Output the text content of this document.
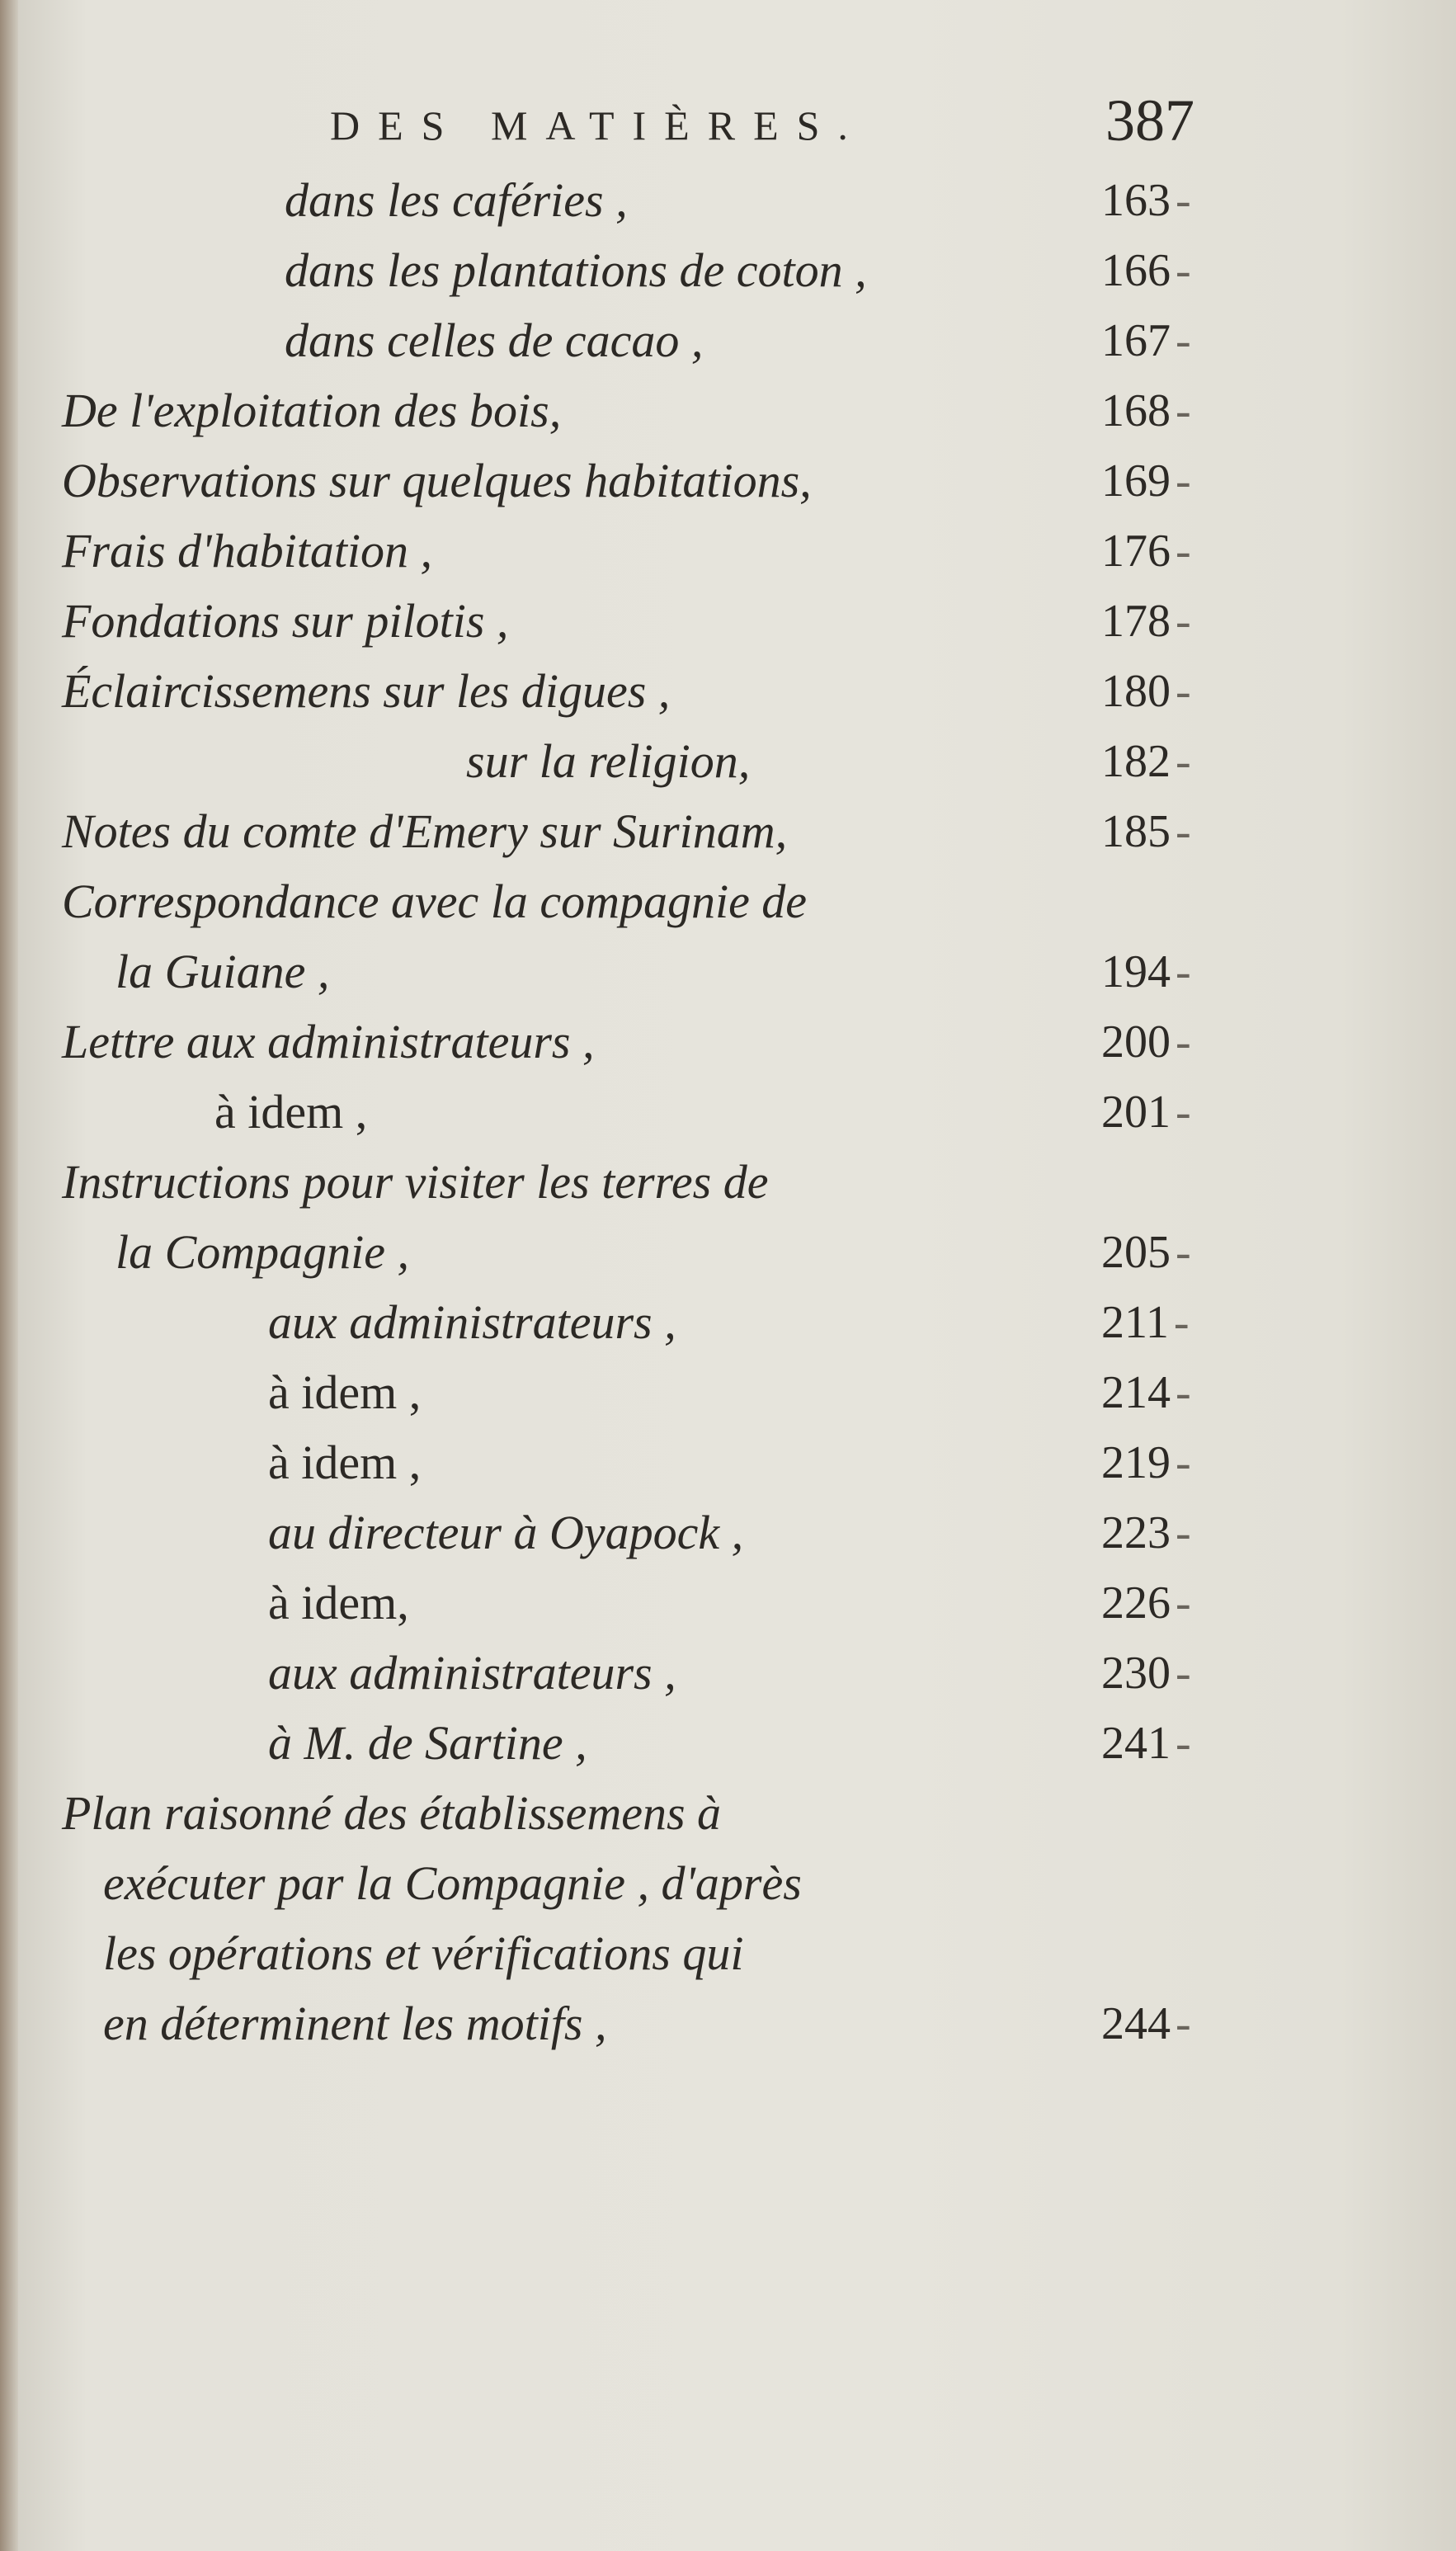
DES MATIÈRES.	387
dans les caféries ,	163 -
dans les plantations de coton ,	166 -
dans celles de cacao ,	167 -
De l'exploitation des bois,	168 -
Observations sur quelques habitations,	169 -
Frais d'habitation ,	176 -
Fondations sur pilotis ,	178 -
Éclaircissemens sur les digues ,	180 -
sur la religion,	182 -
Notes du comte d'Emery sur Surinam,	185 -
Correspondance avec la compagnie de
la Guiane ,	194 -
Lettre aux administrateurs ,	200 -
à idem ,	201 -
Instructions pour visiter les terres de
la Compagnie ,	205 -
aux administrateurs ,	211 -
à idem ,	214 -
à idem ,	219 -
au directeur à Oyapock ,	223 -
à idem,	226 -
aux administrateurs ,	230 -
à M. de Sartine ,	241 -
Plan raisonné des établissemens à
exécuter par la Compagnie , d'après
les opérations et vérifications qui
en déterminent les motifs ,	244 -
